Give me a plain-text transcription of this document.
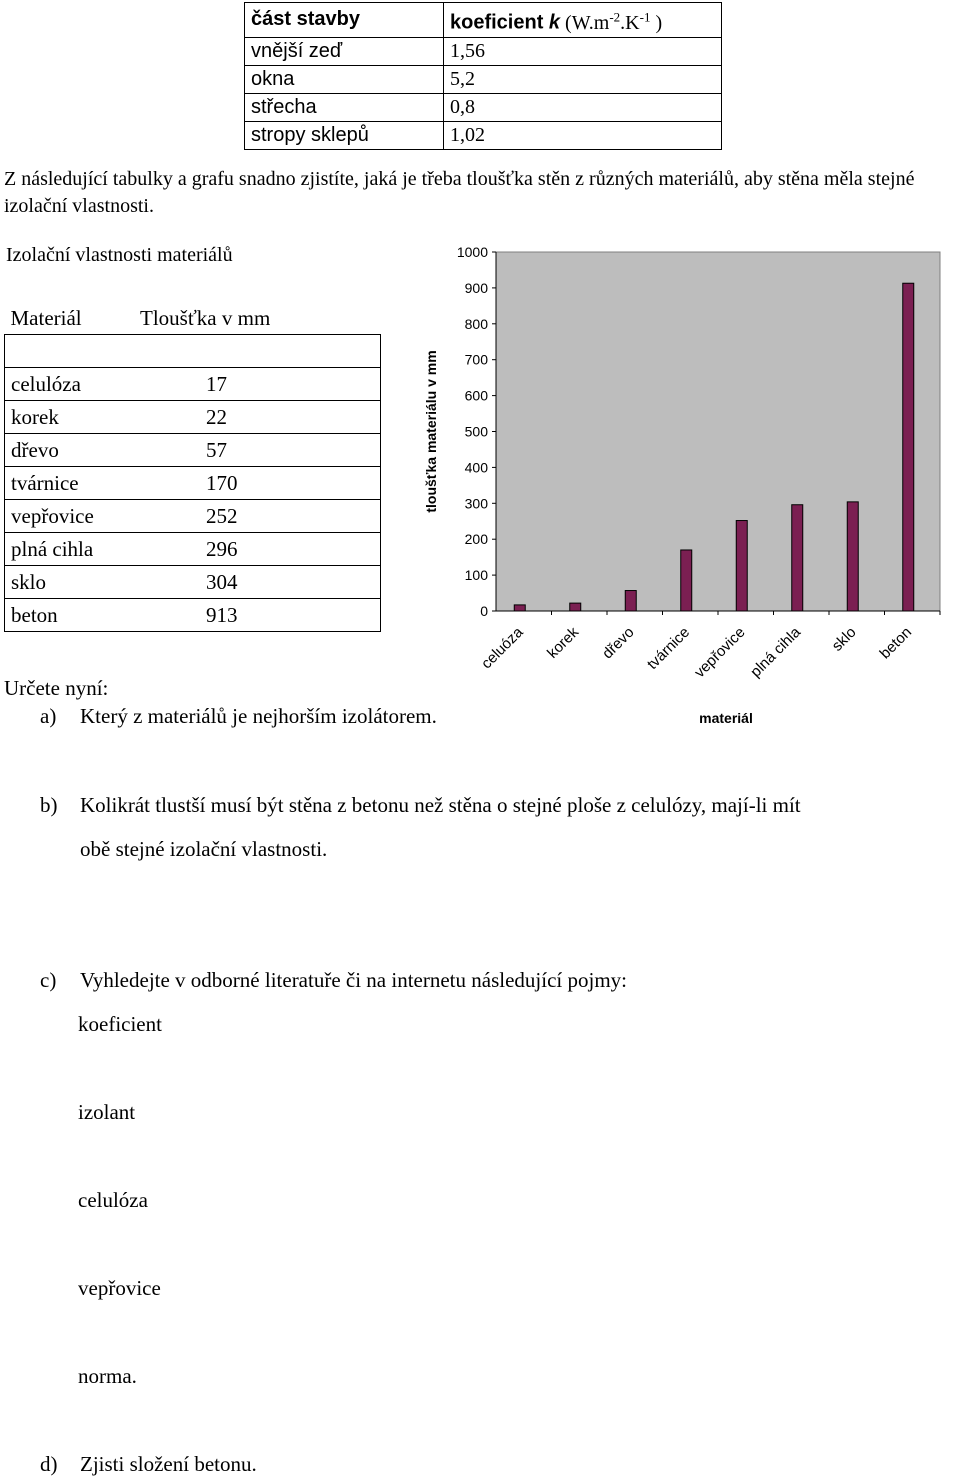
část stavby	koeficient k ($W.m^{-2}.K^{-1}$ )
vnější zeď	1,56
okna	5,2
střecha	0,8
stropy sklepů	1,02
Z následující tabulky a grafu snadno zjistíte, jaká je třeba tloušťka stěn z různých materiálů, aby stěna měla stejné izolační vlastnosti.
Izolační vlastnosti materiálů
Materiál	Tloušťka v mm

celulóza	17
korek	22
dřevo	57
tvárnice	170
vepřovice	252
plná cihla	296
sklo	304
beton	913	0
100
200
300
400
500
600
700
800
900
1000
celuóza korek dřevo tvárnice
vepřovice
plná cihla sklo beton
tloušťka materiálu v mm
materiál
Určete nyní:
a) Který z materiálů je nejhorším izolátorem.
b) Kolikrát tlustší musí být stěna z betonu než stěna o stejné ploše z celulózy, mají-li mít
obě stejné izolační vlastnosti.
c) Vyhledejte v odborné literatuře či na internetu následující pojmy:
koeficient
izolant
celulóza
vepřovice
norma.
d) Zjisti složení betonu.
